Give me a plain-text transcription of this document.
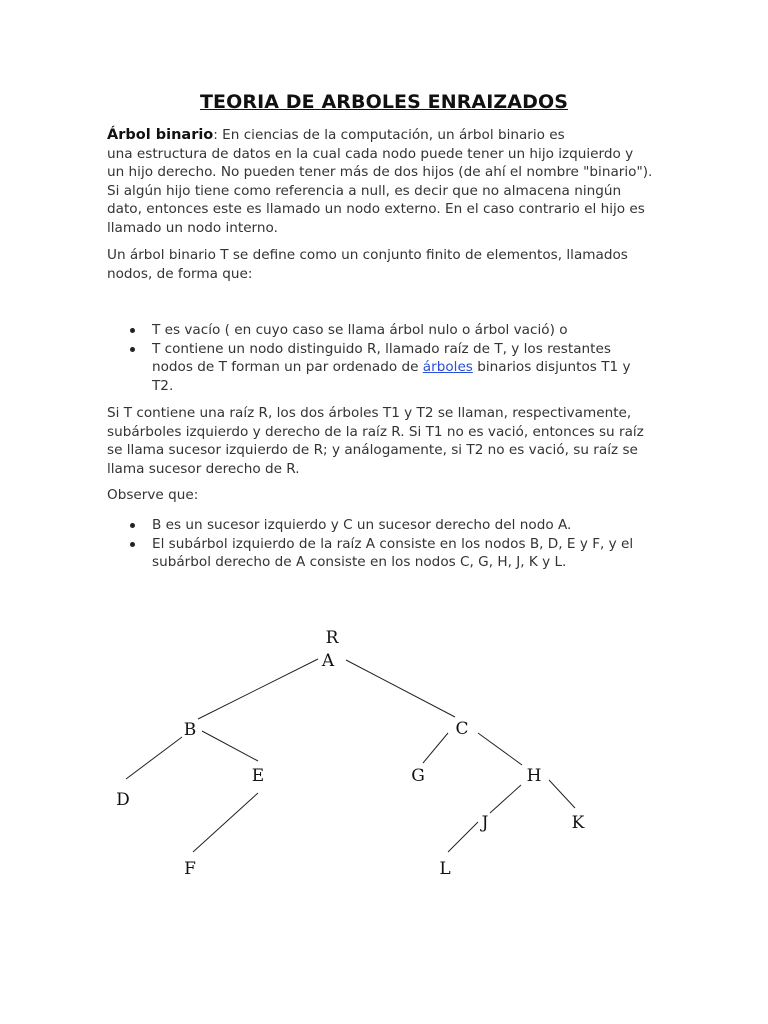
TEORIA DE ARBOLES ENRAIZADOS

Árbol binario: En ciencias de la computación, un árbol binario es
una estructura de datos en la cual cada nodo puede tener un hijo izquierdo y
un hijo derecho. No pueden tener más de dos hijos (de ahí el nombre "binario").
Si algún hijo tiene como referencia a null, es decir que no almacena ningún
dato, entonces este es llamado un nodo externo. En el caso contrario el hijo es
llamado un nodo interno.

Un árbol binario T se define como un conjunto finito de elementos, llamados
nodos, de forma que:

T es vacío ( en cuyo caso se llama árbol nulo o árbol vació) o
T contiene un nodo distinguido R, llamado raíz de T, y los restantes
nodos de T forman un par ordenado de árboles binarios disjuntos T1 y
T2.

Si T contiene una raíz R, los dos árboles T1 y T2 se llaman, respectivamente,
subárboles izquierdo y derecho de la raíz R. Si T1 no es vació, entonces su raíz
se llama sucesor izquierdo de R; y análogamente, si T2 no es vació, su raíz se
llama sucesor derecho de R.

Observe que:

B es un sucesor izquierdo y C un sucesor derecho del nodo A.
El subárbol izquierdo de la raíz A consiste en los nodos B, D, E y F, y el
subárbol derecho de A consiste en los nodos C, G, H, J, K y L.
R
A
B	C
D
E
F
G	H
J	K
L
